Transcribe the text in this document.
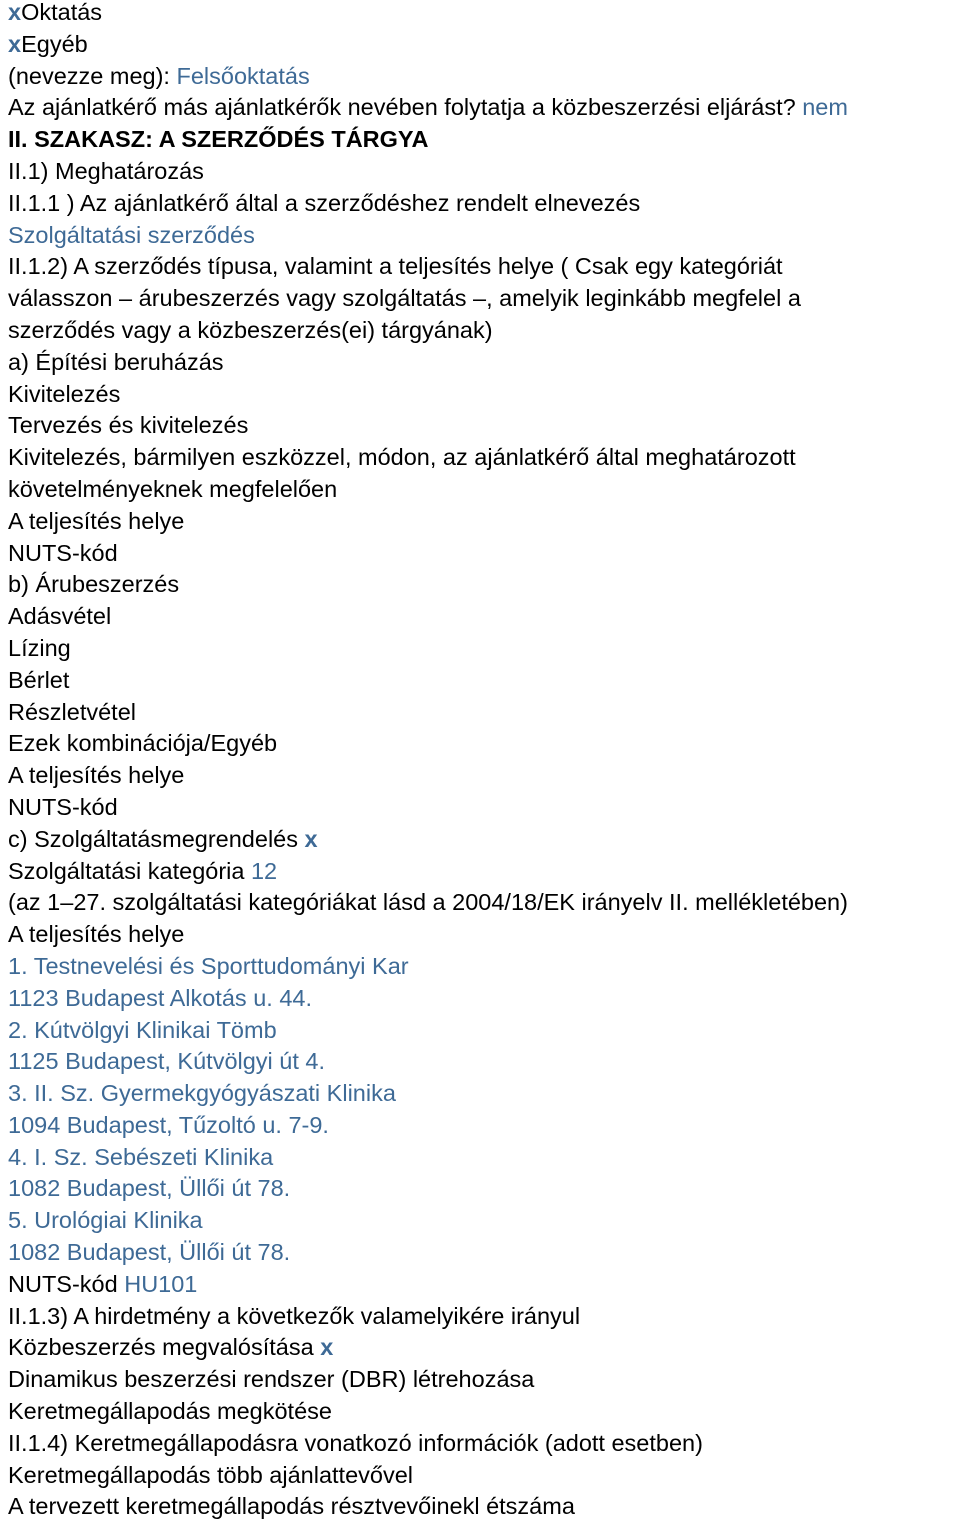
xOktatás
xEgyéb
(nevezze meg): Felsőoktatás
Az ajánlatkérő más ajánlatkérők nevében folytatja a közbeszerzési eljárást? nem
II. SZAKASZ: A SZERZŐDÉS TÁRGYA
II.1) Meghatározás
II.1.1 ) Az ajánlatkérő által a szerződéshez rendelt elnevezés
Szolgáltatási szerződés
II.1.2) A szerződés típusa, valamint a teljesítés helye ( Csak egy kategóriát
válasszon – árubeszerzés vagy szolgáltatás –, amelyik leginkább megfelel a
szerződés vagy a közbeszerzés(ei) tárgyának)
a) Építési beruházás
Kivitelezés
Tervezés és kivitelezés
Kivitelezés, bármilyen eszközzel, módon, az ajánlatkérő által meghatározott
követelményeknek megfelelően
A teljesítés helye
NUTS-kód
b) Árubeszerzés
Adásvétel
Lízing
Bérlet
Részletvétel
Ezek kombinációja/Egyéb
A teljesítés helye
NUTS-kód
c) Szolgáltatásmegrendelés x
Szolgáltatási kategória 12
(az 1–27. szolgáltatási kategóriákat lásd a 2004/18/EK irányelv II. mellékletében)
A teljesítés helye
1. Testnevelési és Sporttudományi Kar
1123 Budapest Alkotás u. 44.
2. Kútvölgyi Klinikai Tömb
1125 Budapest, Kútvölgyi út 4.
3. II. Sz. Gyermekgyógyászati Klinika
1094 Budapest, Tűzoltó u. 7-9.
4. I. Sz. Sebészeti Klinika
1082 Budapest, Üllői út 78.
5. Urológiai Klinika
1082 Budapest, Üllői út 78.
NUTS-kód HU101
II.1.3) A hirdetmény a következők valamelyikére irányul
Közbeszerzés megvalósítása x
Dinamikus beszerzési rendszer (DBR) létrehozása
Keretmegállapodás megkötése
II.1.4) Keretmegállapodásra vonatkozó információk (adott esetben)
Keretmegállapodás több ajánlattevővel
A tervezett keretmegállapodás résztvevőinekl étszáma
